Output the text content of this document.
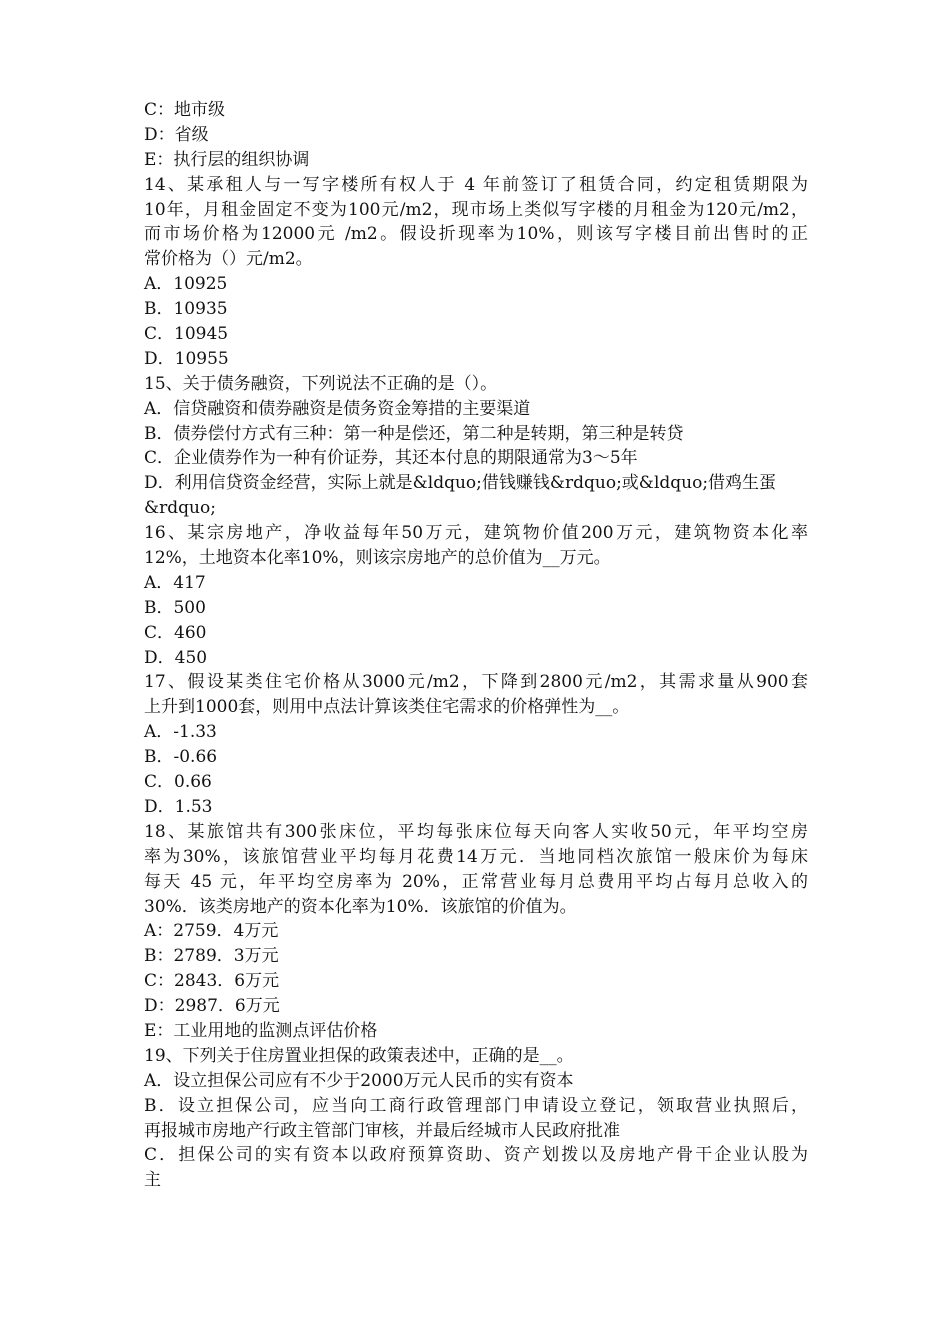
C：地市级
D：省级
E：执行层的组织协调
14、某承租人与一写字楼所有权人于 4 年前签订了租赁合同，约定租赁期限为
10年，月租金固定不变为100元/m2，现市场上类似写字楼的月租金为120元/m2，
而市场价格为12000元 /m2。假设折现率为10%，则该写字楼目前出售时的正
常价格为（）元/m2。
A．10925
B．10935
C．10945
D．10955
15、关于债务融资，下列说法不正确的是（）。
A．信贷融资和债券融资是债务资金筹措的主要渠道
B．债券偿付方式有三种：第一种是偿还，第二种是转期，第三种是转贷
C．企业债券作为一种有价证券，其还本付息的期限通常为3～5年
D．利用信贷资金经营，实际上就是&ldquo;借钱赚钱&rdquo;或&ldquo;借鸡生蛋
&rdquo;
16、某宗房地产，净收益每年50万元，建筑物价值200万元，建筑物资本化率
12%，土地资本化率10%，则该宗房地产的总价值为__万元。
A．417
B．500
C．460
D．450
17、假设某类住宅价格从3000元/m2，下降到2800元/m2，其需求量从900套
上升到1000套，则用中点法计算该类住宅需求的价格弹性为__。
A．-1.33
B．-0.66
C．0.66
D．1.53
18、某旅馆共有300张床位，平均每张床位每天向客人实收50元，年平均空房
率为30%，该旅馆营业平均每月花费14万元．当地同档次旅馆一般床价为每床
每天 45 元，年平均空房率为 20%，正常营业每月总费用平均占每月总收入的
30%．该类房地产的资本化率为10%．该旅馆的价值为。
A：2759．4万元
B：2789．3万元
C：2843．6万元
D：2987．6万元
E：工业用地的监测点评估价格
19、下列关于住房置业担保的政策表述中，正确的是__。
A．设立担保公司应有不少于2000万元人民币的实有资本
B．设立担保公司，应当向工商行政管理部门申请设立登记，领取营业执照后，
再报城市房地产行政主管部门审核，并最后经城市人民政府批准
C．担保公司的实有资本以政府预算资助、资产划拨以及房地产骨干企业认股为
主
